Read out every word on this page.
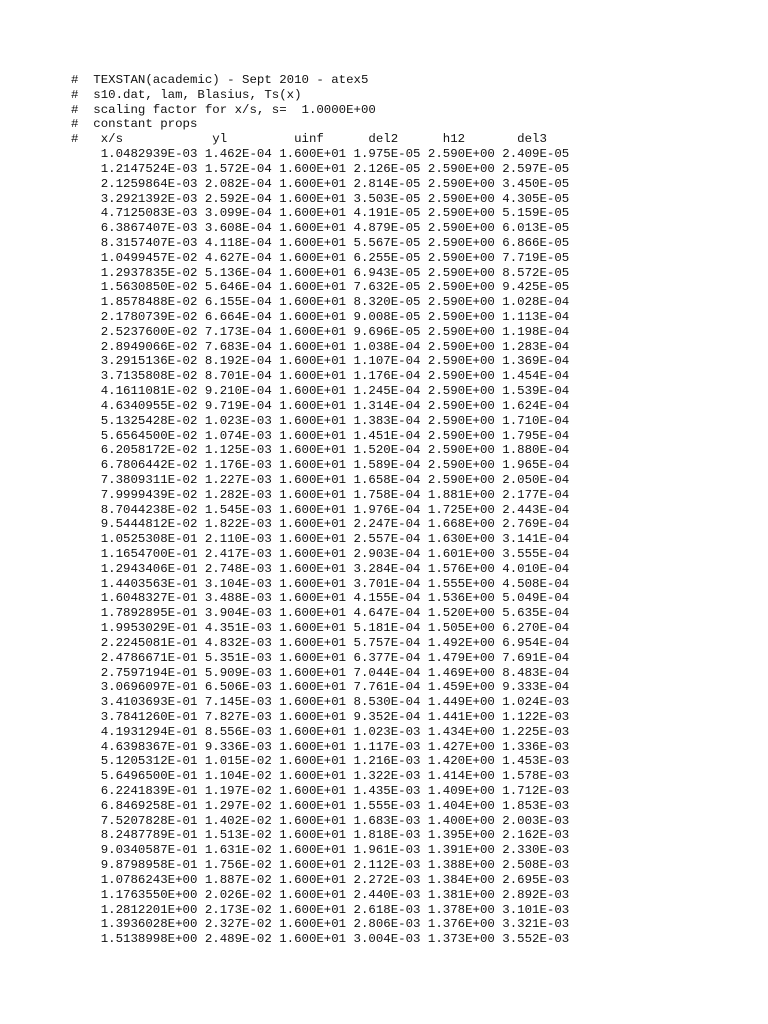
#  TEXSTAN(academic) - Sept 2010 - atex5
#  s10.dat, lam, Blasius, Ts(x)
#  scaling factor for x/s, s=  1.0000E+00
#  constant props
#   x/s            yl         uinf      del2      h12       del3
1.0482939E-03 1.462E-04 1.600E+01 1.975E-05 2.590E+00 2.409E-05
1.2147524E-03 1.572E-04 1.600E+01 2.126E-05 2.590E+00 2.597E-05
2.1259864E-03 2.082E-04 1.600E+01 2.814E-05 2.590E+00 3.450E-05
3.2921392E-03 2.592E-04 1.600E+01 3.503E-05 2.590E+00 4.305E-05
4.7125083E-03 3.099E-04 1.600E+01 4.191E-05 2.590E+00 5.159E-05
6.3867407E-03 3.608E-04 1.600E+01 4.879E-05 2.590E+00 6.013E-05
8.3157407E-03 4.118E-04 1.600E+01 5.567E-05 2.590E+00 6.866E-05
1.0499457E-02 4.627E-04 1.600E+01 6.255E-05 2.590E+00 7.719E-05
1.2937835E-02 5.136E-04 1.600E+01 6.943E-05 2.590E+00 8.572E-05
1.5630850E-02 5.646E-04 1.600E+01 7.632E-05 2.590E+00 9.425E-05
1.8578488E-02 6.155E-04 1.600E+01 8.320E-05 2.590E+00 1.028E-04
2.1780739E-02 6.664E-04 1.600E+01 9.008E-05 2.590E+00 1.113E-04
2.5237600E-02 7.173E-04 1.600E+01 9.696E-05 2.590E+00 1.198E-04
2.8949066E-02 7.683E-04 1.600E+01 1.038E-04 2.590E+00 1.283E-04
3.2915136E-02 8.192E-04 1.600E+01 1.107E-04 2.590E+00 1.369E-04
3.7135808E-02 8.701E-04 1.600E+01 1.176E-04 2.590E+00 1.454E-04
4.1611081E-02 9.210E-04 1.600E+01 1.245E-04 2.590E+00 1.539E-04
4.6340955E-02 9.719E-04 1.600E+01 1.314E-04 2.590E+00 1.624E-04
5.1325428E-02 1.023E-03 1.600E+01 1.383E-04 2.590E+00 1.710E-04
5.6564500E-02 1.074E-03 1.600E+01 1.451E-04 2.590E+00 1.795E-04
6.2058172E-02 1.125E-03 1.600E+01 1.520E-04 2.590E+00 1.880E-04
6.7806442E-02 1.176E-03 1.600E+01 1.589E-04 2.590E+00 1.965E-04
7.3809311E-02 1.227E-03 1.600E+01 1.658E-04 2.590E+00 2.050E-04
7.9999439E-02 1.282E-03 1.600E+01 1.758E-04 1.881E+00 2.177E-04
8.7044238E-02 1.545E-03 1.600E+01 1.976E-04 1.725E+00 2.443E-04
9.5444812E-02 1.822E-03 1.600E+01 2.247E-04 1.668E+00 2.769E-04
1.0525308E-01 2.110E-03 1.600E+01 2.557E-04 1.630E+00 3.141E-04
1.1654700E-01 2.417E-03 1.600E+01 2.903E-04 1.601E+00 3.555E-04
1.2943406E-01 2.748E-03 1.600E+01 3.284E-04 1.576E+00 4.010E-04
1.4403563E-01 3.104E-03 1.600E+01 3.701E-04 1.555E+00 4.508E-04
1.6048327E-01 3.488E-03 1.600E+01 4.155E-04 1.536E+00 5.049E-04
1.7892895E-01 3.904E-03 1.600E+01 4.647E-04 1.520E+00 5.635E-04
1.9953029E-01 4.351E-03 1.600E+01 5.181E-04 1.505E+00 6.270E-04
2.2245081E-01 4.832E-03 1.600E+01 5.757E-04 1.492E+00 6.954E-04
2.4786671E-01 5.351E-03 1.600E+01 6.377E-04 1.479E+00 7.691E-04
2.7597194E-01 5.909E-03 1.600E+01 7.044E-04 1.469E+00 8.483E-04
3.0696097E-01 6.506E-03 1.600E+01 7.761E-04 1.459E+00 9.333E-04
3.4103693E-01 7.145E-03 1.600E+01 8.530E-04 1.449E+00 1.024E-03
3.7841260E-01 7.827E-03 1.600E+01 9.352E-04 1.441E+00 1.122E-03
4.1931294E-01 8.556E-03 1.600E+01 1.023E-03 1.434E+00 1.225E-03
4.6398367E-01 9.336E-03 1.600E+01 1.117E-03 1.427E+00 1.336E-03
5.1205312E-01 1.015E-02 1.600E+01 1.216E-03 1.420E+00 1.453E-03
5.6496500E-01 1.104E-02 1.600E+01 1.322E-03 1.414E+00 1.578E-03
6.2241839E-01 1.197E-02 1.600E+01 1.435E-03 1.409E+00 1.712E-03
6.8469258E-01 1.297E-02 1.600E+01 1.555E-03 1.404E+00 1.853E-03
7.5207828E-01 1.402E-02 1.600E+01 1.683E-03 1.400E+00 2.003E-03
8.2487789E-01 1.513E-02 1.600E+01 1.818E-03 1.395E+00 2.162E-03
9.0340587E-01 1.631E-02 1.600E+01 1.961E-03 1.391E+00 2.330E-03
9.8798958E-01 1.756E-02 1.600E+01 2.112E-03 1.388E+00 2.508E-03
1.0786243E+00 1.887E-02 1.600E+01 2.272E-03 1.384E+00 2.695E-03
1.1763550E+00 2.026E-02 1.600E+01 2.440E-03 1.381E+00 2.892E-03
1.2812201E+00 2.173E-02 1.600E+01 2.618E-03 1.378E+00 3.101E-03
1.3936028E+00 2.327E-02 1.600E+01 2.806E-03 1.376E+00 3.321E-03
1.5138998E+00 2.489E-02 1.600E+01 3.004E-03 1.373E+00 3.552E-03
